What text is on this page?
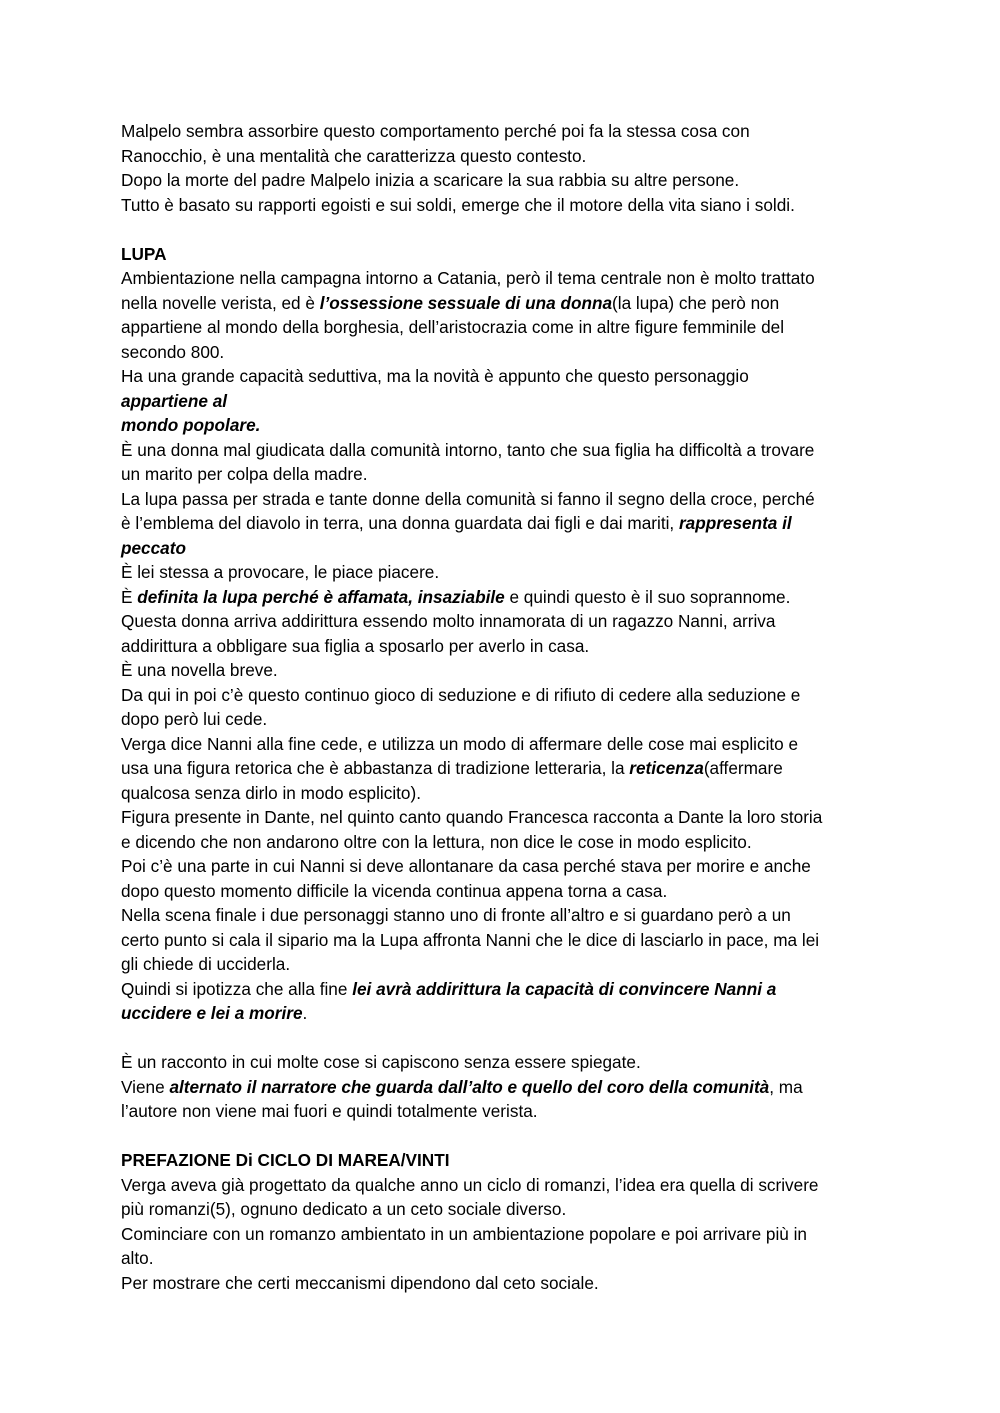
Malpelo sembra assorbire questo comportamento perché poi fa la stessa cosa con
Ranocchio, è una mentalità che caratterizza questo contesto.
Dopo la morte del padre Malpelo inizia a scaricare la sua rabbia su altre persone.
Tutto è basato su rapporti egoisti e sui soldi, emerge che il motore della vita siano i soldi.
LUPA
Ambientazione nella campagna intorno a Catania, però il tema centrale non è molto trattato
nella novelle verista, ed è l’ossessione sessuale di una donna(la lupa) che però non
appartiene al mondo della borghesia, dell’aristocrazia come in altre figure femminile del
secondo 800.
Ha una grande capacità seduttiva, ma la novità è appunto che questo personaggio
appartiene al
mondo popolare.
È una donna mal giudicata dalla comunità intorno, tanto che sua figlia ha difficoltà a trovare
un marito per colpa della madre.
La lupa passa per strada e tante donne della comunità si fanno il segno della croce, perché
è l’emblema del diavolo in terra, una donna guardata dai figli e dai mariti, rappresenta il
peccato
È lei stessa a provocare, le piace piacere.
È definita la lupa perché è affamata, insaziabile e quindi questo è il suo soprannome.
Questa donna arriva addirittura essendo molto innamorata di un ragazzo Nanni, arriva
addirittura a obbligare sua figlia a sposarlo per averlo in casa.
È una novella breve.
Da qui in poi c’è questo continuo gioco di seduzione e di rifiuto di cedere alla seduzione e
dopo però lui cede.
Verga dice Nanni alla fine cede, e utilizza un modo di affermare delle cose mai esplicito e
usa una figura retorica che è abbastanza di tradizione letteraria, la reticenza(affermare
qualcosa senza dirlo in modo esplicito).
Figura presente in Dante, nel quinto canto quando Francesca racconta a Dante la loro storia
e dicendo che non andarono oltre con la lettura, non dice le cose in modo esplicito.
Poi c’è una parte in cui Nanni si deve allontanare da casa perché stava per morire e anche
dopo questo momento difficile la vicenda continua appena torna a casa.
Nella scena finale i due personaggi stanno uno di fronte all’altro e si guardano però a un
certo punto si cala il sipario ma la Lupa affronta Nanni che le dice di lasciarlo in pace, ma lei
gli chiede di ucciderla.
Quindi si ipotizza che alla fine lei avrà addirittura la capacità di convincere Nanni a
uccidere e lei a morire.
È un racconto in cui molte cose si capiscono senza essere spiegate.
Viene alternato il narratore che guarda dall’alto e quello del coro della comunità, ma
l’autore non viene mai fuori e quindi totalmente verista.
PREFAZIONE Di CICLO DI MAREA/VINTI
Verga aveva già progettato da qualche anno un ciclo di romanzi, l’idea era quella di scrivere
più romanzi(5), ognuno dedicato a un ceto sociale diverso.
Cominciare con un romanzo ambientato in un ambientazione popolare e poi arrivare più in
alto.
Per mostrare che certi meccanismi dipendono dal ceto sociale.
